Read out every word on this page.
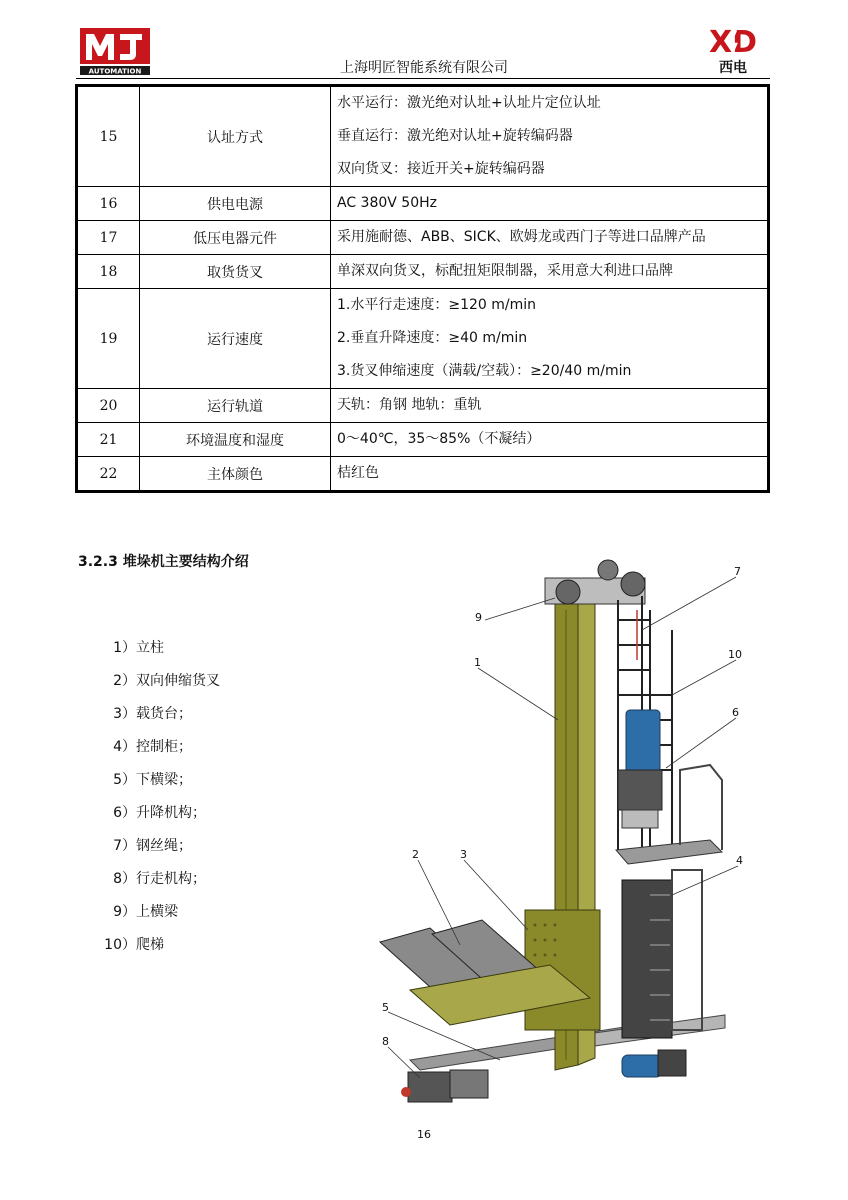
AUTOMATION
XD
西电
上海明匠智能系统有限公司
15	认址方式	水平运行：激光绝对认址+认址片定位认址
垂直运行：激光绝对认址+旋转编码器
双向货叉：接近开关+旋转编码器

16	供电电源	AC 380V 50Hz

17	低压电器元件	采用施耐德、ABB、SICK、欧姆龙或西门子等进口品牌产品

18	取货货叉	单深双向货叉，标配扭矩限制器，采用意大利进口品牌

19	运行速度	1.水平行走速度：≥120 m/min
2.垂直升降速度：≥40 m/min
3.货叉伸缩速度（满载/空载）：≥20/40 m/min

20	运行轨道	天轨：角钢 地轨：重轨

21	环境温度和湿度	0～40℃，35～85%（不凝结）

22	主体颜色	桔红色
3.2.3 堆垛机主要结构介绍
1）立柱
2）双向伸缩货叉
3）载货台；
4）控制柜；
5）下横梁；
6）升降机构；
7）钢丝绳；
8）行走机构；
9）上横梁
10）爬梯
1
2	3	4
5
6
7
8
9
10
16
